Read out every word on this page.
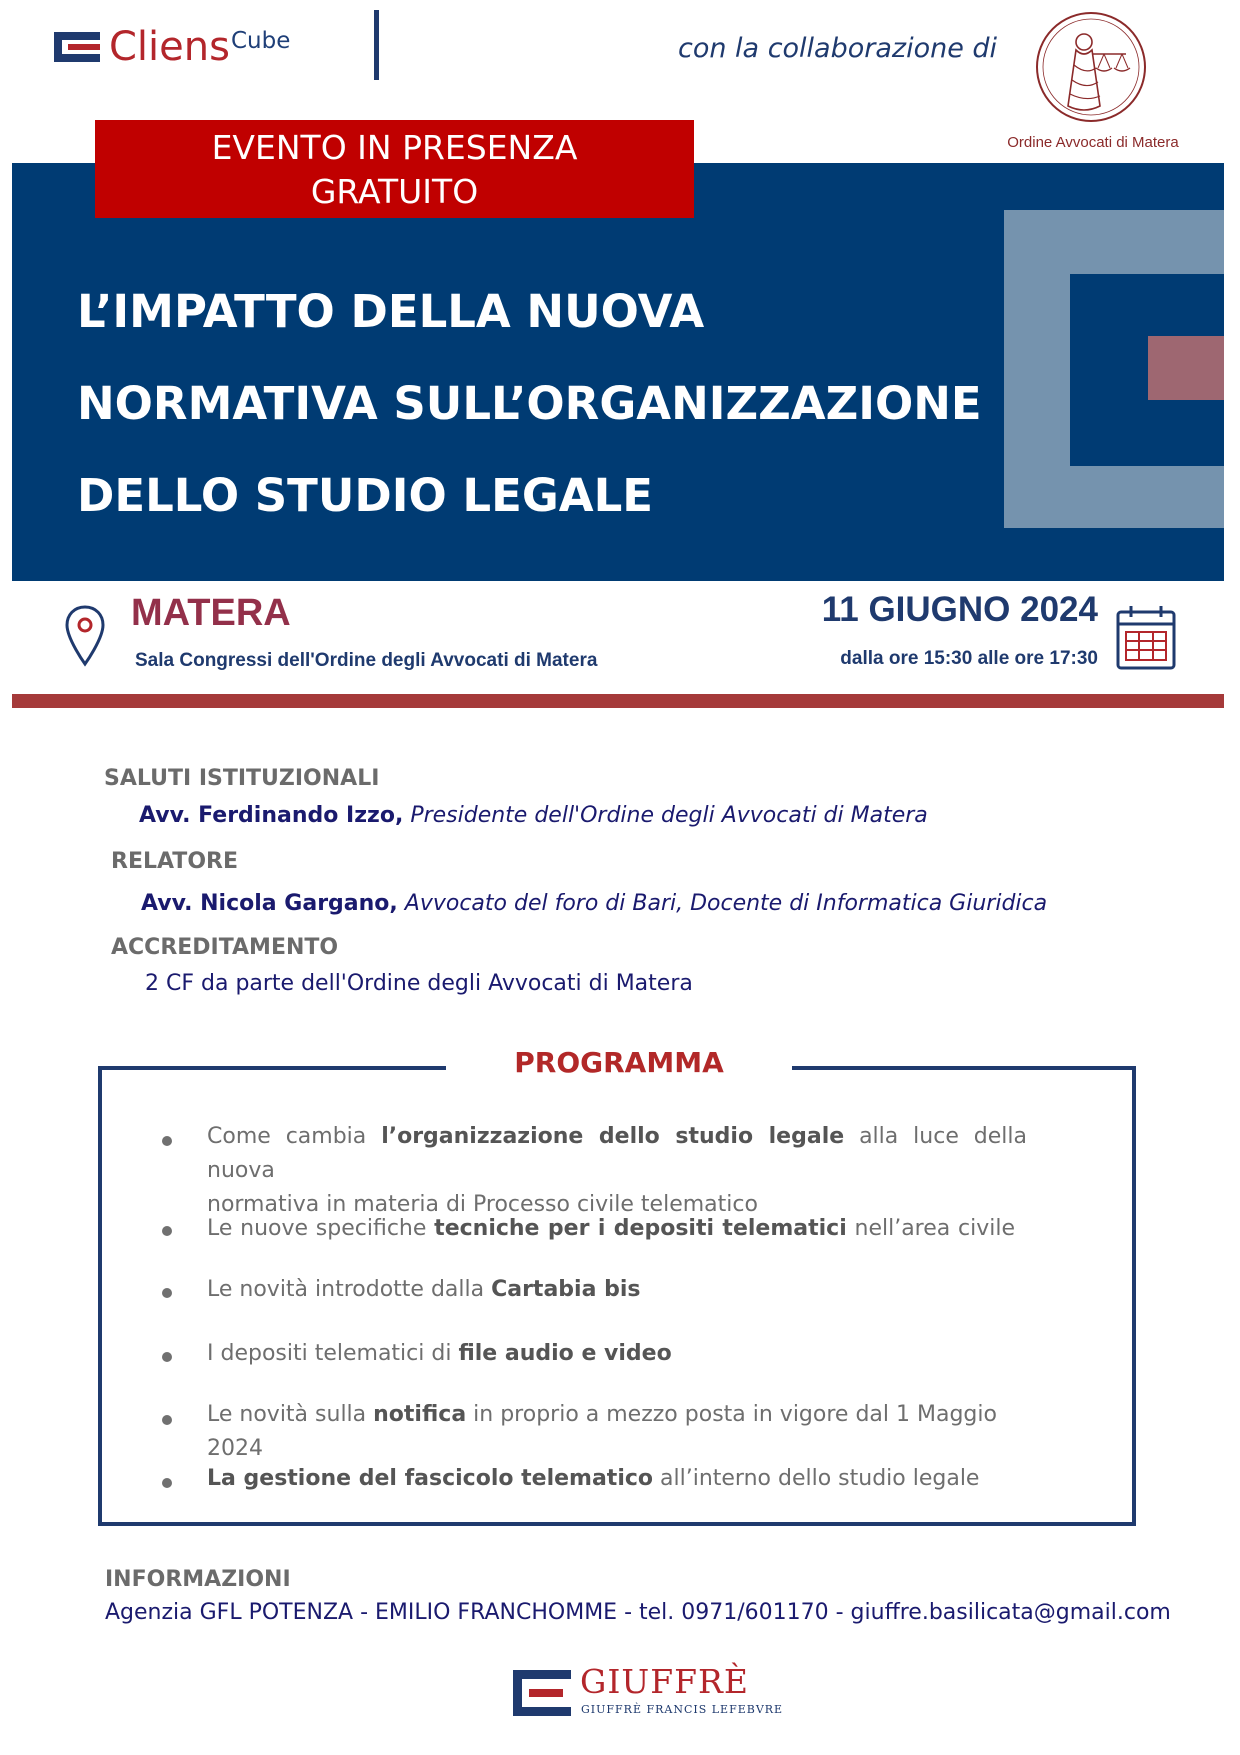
Cliens Cube	con la collaborazione di
Ordine Avvocati di Matera
EVENTO IN PRESENZA
GRATUITO
L’IMPATTO DELLA NUOVA
NORMATIVA SULL’ORGANIZZAZIONE
DELLO STUDIO LEGALE
MATERA
Sala Congressi dell'Ordine degli Avvocati di Matera
11 GIUGNO 2024
dalla ore 15:30 alle ore 17:30
SALUTI ISTITUZIONALI
Avv. Ferdinando Izzo, Presidente dell'Ordine degli Avvocati di Matera
RELATORE
Avv. Nicola Gargano, Avvocato del foro di Bari, Docente di Informatica Giuridica
ACCREDITAMENTO
2 CF da parte dell'Ordine degli Avvocati di Matera
PROGRAMMA
Come cambia l’organizzazione dello studio legale alla luce della nuova
normativa in materia di Processo civile telematico
Le nuove specifiche tecniche per i depositi telematici nell’area civile
Le novità introdotte dalla Cartabia bis
I depositi telematici di file audio e video
Le novità sulla notifica in proprio a mezzo posta in vigore dal 1 Maggio 2024
La gestione del fascicolo telematico all’interno dello studio legale
INFORMAZIONI
Agenzia GFL POTENZA - EMILIO FRANCHOMME - tel. 0971/601170 - giuffre.basilicata@gmail.com
GIUFFRÈ
GIUFFRÈ FRANCIS LEFEBVRE
